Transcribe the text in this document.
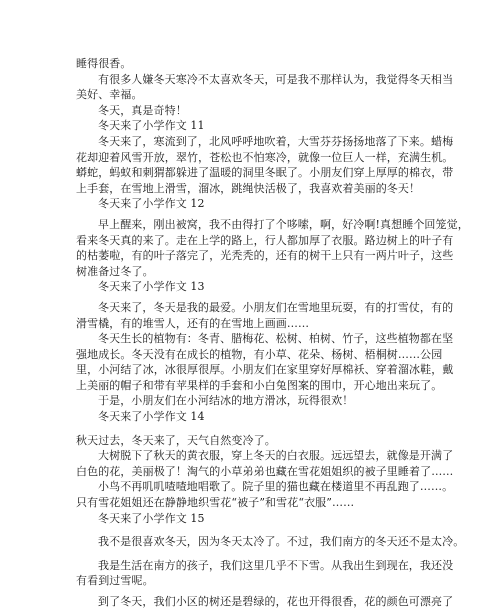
睡得很香。
有很多人嫌冬天寒冷不太喜欢冬天，可是我不那样认为，我觉得冬天相当
美好、幸福。
冬天，真是奇特！
冬天来了小学作文 11
冬天来了，寒流到了，北风呼呼地吹着，大雪芬芬扬扬地落了下来。蜡梅
花却迎着风雪开放，翠竹，苍松也不怕寒冷，就像一位巨人一样，充满生机。
蟒蛇，蚂蚁和刺猬都躲进了温暖的洞里冬眠了。小朋友们穿上厚厚的棉衣，带
上手套，在雪地上滑雪，溜冰，跳绳快活极了，我喜欢着美丽的冬天！
冬天来了小学作文 12
早上醒来，刚出被窝，我不由得打了个哆嗦，啊，好冷啊!真想睡个回笼觉，
看来冬天真的来了。走在上学的路上，行人都加厚了衣服。路边树上的叶子有
的枯萎啦，有的叶子落完了，光秃秃的，还有的树干上只有一两片叶子，这些
树准备过冬了。
冬天来了小学作文 13
冬天来了，冬天是我的最爱。小朋友们在雪地里玩耍，有的打雪仗，有的
滑雪橇，有的堆雪人，还有的在雪地上画画……
冬天生长的植物有：冬青、腊梅花、松树、柏树、竹子，这些植物都在坚
强地成长。冬天没有在成长的植物，有小草、花朵、杨树、梧桐树……公园
里，小河结了冰，冰很厚很厚。小朋友们在家里穿好厚棉袄、穿着溜冰鞋，戴
上美丽的帽子和带有苹果样的手套和小白兔图案的围巾，开心地出来玩了。
于是，小朋友们在小河结冰的地方滑冰，玩得很欢！
冬天来了小学作文 14
秋天过去，冬天来了，天气自然变冷了。
大树脱下了秋天的黄衣服，穿上冬天的白衣服。远远望去，就像是开满了
白色的花，美丽极了！淘气的小草弟弟也藏在雪花姐姐织的被子里睡着了……
小鸟不再叽叽喳喳地唱歌了。院子里的猫也藏在楼道里不再乱跑了……。
只有雪花姐姐还在静静地织雪花“被子”和雪花“衣服”……
冬天来了小学作文 15
我不是很喜欢冬天，因为冬天太冷了。不过，我们南方的冬天还不是太冷。
我是生活在南方的孩子，我们这里几乎不下雪。从我出生到现在，我还没
有看到过雪呢。
到了冬天，我们小区的树还是碧绿的，花也开得很香，花的颜色可漂亮了
